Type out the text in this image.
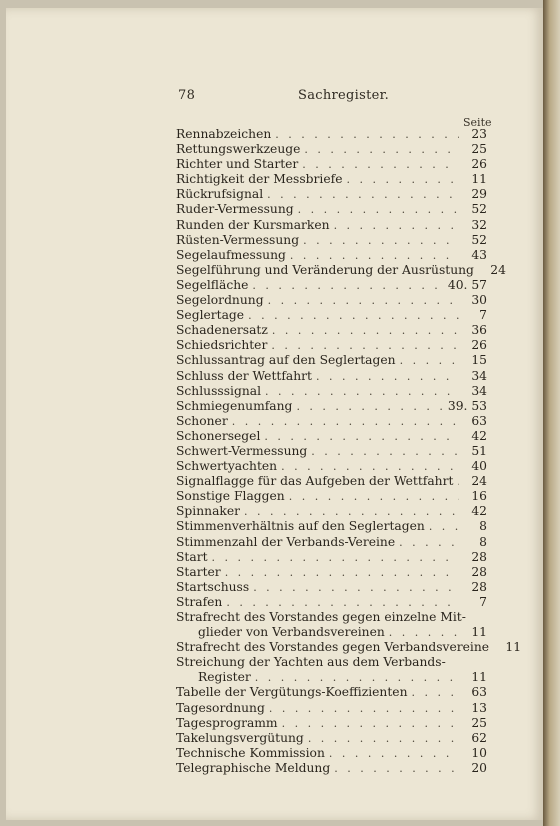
78	Sachregister.
Seite
Rennabzeichen . . .	23
Rettungswerkzeuge . . .	25
Richter und Starter . . .	26
Richtigkeit der Messbriefe . . .	11
Rückrufsignal . . .	29
Ruder-Vermessung . . .	52
Runden der Kursmarken . . .	32
Rüsten-Vermessung . . .	52
Segelaufmessung . . .	43
Segelführung und Veränderung der Ausrüstung	24
Segelfläche . . .	40. 57
Segelordnung . . .	30
Seglertage . . .	7
Schadenersatz . . .	36
Schiedsrichter . . .	26
Schlussantrag auf den Seglertagen . . .	15
Schluss der Wettfahrt . . .	34
Schlusssignal . . .	34
Schmiegenumfang . . .	39. 53
Schoner . . .	63
Schonersegel . . .	42
Schwert-Vermessung . . .	51
Schwertyachten . . .	40
Signalflagge für das Aufgeben der Wettfahrt . . .	24
Sonstige Flaggen . . .	16
Spinnaker . . .	42
Stimmenverhältnis auf den Seglertagen . . .	8
Stimmenzahl der Verbands-Vereine . . .	8
Start . . .	28
Starter . . .	28
Startschuss . . .	28
Strafen . . .	7
Strafrecht des Vorstandes gegen einzelne Mit-
glieder von Verbandsvereinen . . .	11
Strafrecht des Vorstandes gegen Verbandsvereine	11
Streichung der Yachten aus dem Verbands-
Register . . .	11
Tabelle der Vergütungs-Koeffizienten . . .	63
Tagesordnung . . .	13
Tagesprogramm . . .	25
Takelungsvergütung . . .	62
Technische Kommission . . .	10
Telegraphische Meldung . . .	20
